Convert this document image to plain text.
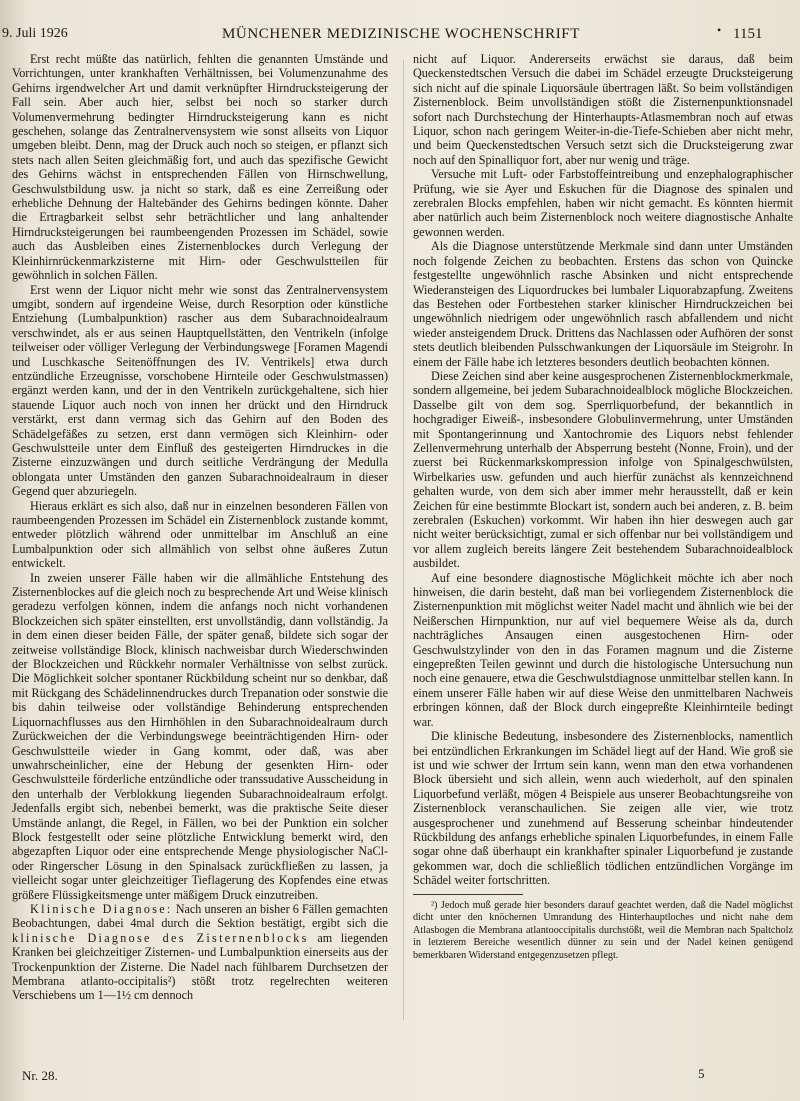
9. Juli 1926	MÜNCHENER MEDIZINISCHE WOCHENSCHRIFT	• 1151

Erst recht müßte das natürlich, fehlten die genannten Umstände und Vorrichtungen, unter krankhaften Verhältnissen, bei Volumenzunahme des Gehirns irgendwelcher Art und damit verknüpfter Hirndrucksteigerung der Fall sein. Aber auch hier, selbst bei noch so starker durch Volumenvermehrung bedingter Hirndrucksteigerung kann es nicht geschehen, solange das Zentralnervensystem wie sonst allseits von Liquor umgeben bleibt. Denn, mag der Druck auch noch so steigen, er pflanzt sich stets nach allen Seiten gleichmäßig fort, und auch das spezifische Gewicht des Gehirns wächst in entsprechenden Fällen von Hirnschwellung, Geschwulstbildung usw. ja nicht so stark, daß es eine Zerreißung oder erhebliche Dehnung der Haltebänder des Gehirns bedingen könnte. Daher die Ertragbarkeit selbst sehr beträchtlicher und lang anhaltender Hirndrucksteigerungen bei raumbeengenden Prozessen im Schädel, sowie auch das Ausbleiben eines Zisternenblockes durch Verlegung der Kleinhirnrückenmarkzisterne mit Hirn- oder Geschwulstteilen für gewöhnlich in solchen Fällen.

Erst wenn der Liquor nicht mehr wie sonst das Zentralnervensystem umgibt, sondern auf irgendeine Weise, durch Resorption oder künstliche Entziehung (Lumbalpunktion) rascher aus dem Subarachnoidealraum verschwindet, als er aus seinen Hauptquellstätten, den Ventrikeln (infolge teilweiser oder völliger Verlegung der Verbindungswege [Foramen Magendi und Luschkasche Seitenöffnungen des IV. Ventrikels] etwa durch entzündliche Erzeugnisse, vorschobene Hirnteile oder Geschwulstmassen) ergänzt werden kann, und der in den Ventrikeln zurückgehaltene, sich hier stauende Liquor auch noch von innen her drückt und den Hirndruck verstärkt, erst dann vermag sich das Gehirn auf den Boden des Schädelgefäßes zu setzen, erst dann vermögen sich Kleinhirn- oder Geschwulstteile unter dem Einfluß des gesteigerten Hirndruckes in die Zisterne einzuzwängen und durch seitliche Verdrängung der Medulla oblongata unter Umständen den ganzen Subarachnoidealraum in dieser Gegend quer abzuriegeln.

Hieraus erklärt es sich also, daß nur in einzelnen besonderen Fällen von raumbeengenden Prozessen im Schädel ein Zisternenblock zustande kommt, entweder plötzlich während oder unmittelbar im Anschluß an eine Lumbalpunktion oder sich allmählich von selbst ohne äußeres Zutun entwickelt.

In zweien unserer Fälle haben wir die allmähliche Entstehung des Zisternenblockes auf die gleich noch zu besprechende Art und Weise klinisch geradezu verfolgen können, indem die anfangs noch nicht vorhandenen Blockzeichen sich später einstellten, erst unvollständig, dann vollständig. Ja in dem einen dieser beiden Fälle, der später genaß, bildete sich sogar der zeitweise vollständige Block, klinisch nachweisbar durch Wiederschwinden der Blockzeichen und Rückkehr normaler Verhältnisse von selbst zurück. Die Möglichkeit solcher spontaner Rückbildung scheint nur so denkbar, daß mit Rückgang des Schädelinnendruckes durch Trepanation oder sonstwie die bis dahin teilweise oder vollständige Behinderung entsprechenden Liquornachflusses aus den Hirnhöhlen in den Subarachnoidealraum durch Zurückweichen der die Verbindungswege beeinträchtigenden Hirn- oder Geschwulstteile wieder in Gang kommt, oder daß, was aber unwahrscheinlicher, eine der Hebung der gesenkten Hirn- oder Geschwulstteile förderliche entzündliche oder transsudative Ausscheidung in den unterhalb der Verblokkung liegenden Subarachnoidealraum erfolgt. Jedenfalls ergibt sich, nebenbei bemerkt, was die praktische Seite dieser Umstände anlangt, die Regel, in Fällen, wo bei der Punktion ein solcher Block festgestellt oder seine plötzliche Entwicklung bemerkt wird, den abgezapften Liquor oder eine entsprechende Menge physiologischer NaCl- oder Ringerscher Lösung in den Spinalsack zurückfließen zu lassen, ja vielleicht sogar unter gleichzeitiger Tieflagerung des Kopfendes eine etwas größere Flüssigkeitsmenge unter mäßigem Druck einzutreiben.

Klinische Diagnose: Nach unseren an bisher 6 Fällen gemachten Beobachtungen, dabei 4mal durch die Sektion bestätigt, ergibt sich die klinische Diagnose des Zisternenblocks am liegenden Kranken bei gleichzeitiger Zisternen- und Lumbalpunktion einerseits aus der Trockenpunktion der Zisterne. Die Nadel nach fühlbarem Durchsetzen der Membrana atlanto-occipitalis²) stößt trotz regelrechten weiteren Verschiebens um 1—1½ cm dennoch

nicht auf Liquor. Andererseits erwächst sie daraus, daß beim Queckenstedtschen Versuch die dabei im Schädel erzeugte Drucksteigerung sich nicht auf die spinale Liquorsäule übertragen läßt. So beim vollständigen Zisternenblock. Beim unvollständigen stößt die Zisternenpunktionsnadel sofort nach Durchstechung der Hinterhaupts-Atlasmembran noch auf etwas Liquor, schon nach geringem Weiter-in-die-Tiefe-Schieben aber nicht mehr, und beim Queckenstedtschen Versuch setzt sich die Drucksteigerung zwar noch auf den Spinalliquor fort, aber nur wenig und träge.

Versuche mit Luft- oder Farbstoffeintreibung und enzephalographischer Prüfung, wie sie Ayer und Eskuchen für die Diagnose des spinalen und zerebralen Blocks empfehlen, haben wir nicht gemacht. Es könnten hiermit aber natürlich auch beim Zisternenblock noch weitere diagnostische Anhalte gewonnen werden.

Als die Diagnose unterstützende Merkmale sind dann unter Umständen noch folgende Zeichen zu beobachten. Erstens das schon von Quincke festgestellte ungewöhnlich rasche Absinken und nicht entsprechende Wiederansteigen des Liquordruckes bei lumbaler Liquorabzapfung. Zweitens das Bestehen oder Fortbestehen starker klinischer Hirndruckzeichen bei ungewöhnlich niedrigem oder ungewöhnlich rasch abfallendem und nicht wieder ansteigendem Druck. Drittens das Nachlassen oder Aufhören der sonst stets deutlich bleibenden Pulsschwankungen der Liquorsäule im Steigrohr. In einem der Fälle habe ich letzteres besonders deutlich beobachten können.

Diese Zeichen sind aber keine ausgesprochenen Zisternenblockmerkmale, sondern allgemeine, bei jedem Subarachnoidealblock mögliche Blockzeichen. Dasselbe gilt von dem sog. Sperrliquorbefund, der bekanntlich in hochgradiger Eiweiß-, insbesondere Globulinvermehrung, unter Umständen mit Spontangerinnung und Xantochromie des Liquors nebst fehlender Zellenvermehrung unterhalb der Absperrung besteht (Nonne, Froin), und der zuerst bei Rückenmarkskompression infolge von Spinalgeschwülsten, Wirbelkaries usw. gefunden und auch hierfür zunächst als kennzeichnend gehalten wurde, von dem sich aber immer mehr herausstellt, daß er kein Zeichen für eine bestimmte Blockart ist, sondern auch bei anderen, z. B. beim zerebralen (Eskuchen) vorkommt. Wir haben ihn hier deswegen auch gar nicht weiter berücksichtigt, zumal er sich offenbar nur bei vollständigem und vor allem zugleich bereits längere Zeit bestehendem Subarachnoidealblock ausbildet.

Auf eine besondere diagnostische Möglichkeit möchte ich aber noch hinweisen, die darin besteht, daß man bei vorliegendem Zisternenblock die Zisternenpunktion mit möglichst weiter Nadel macht und ähnlich wie bei der Neißerschen Hirnpunktion, nur auf viel bequemere Weise als da, durch nachträgliches Ansaugen einen ausgestochenen Hirn- oder Geschwulstzylinder von den in das Foramen magnum und die Zisterne eingepreßten Teilen gewinnt und durch die histologische Untersuchung nun noch eine genauere, etwa die Geschwulstdiagnose unmittelbar stellen kann. In einem unserer Fälle haben wir auf diese Weise den unmittelbaren Nachweis erbringen können, daß der Block durch eingepreßte Kleinhirnteile bedingt war.

Die klinische Bedeutung, insbesondere des Zisternenblocks, namentlich bei entzündlichen Erkrankungen im Schädel liegt auf der Hand. Wie groß sie ist und wie schwer der Irrtum sein kann, wenn man den etwa vorhandenen Block übersieht und sich allein, wenn auch wiederholt, auf den spinalen Liquorbefund verläßt, mögen 4 Beispiele aus unserer Beobachtungsreihe von Zisternenblock veranschaulichen. Sie zeigen alle vier, wie trotz ausgesprochener und zunehmend auf Besserung scheinbar hindeutender Rückbildung des anfangs erhebliche spinalen Liquorbefundes, in einem Falle sogar ohne daß überhaupt ein krankhafter spinaler Liquorbefund je zustande gekommen war, doch die schließlich tödlichen entzündlichen Vorgänge im Schädel weiter fortschritten.

²) Jedoch muß gerade hier besonders darauf geachtet werden, daß die Nadel möglichst dicht unter den knöchernen Umrandung des Hinterhauptloches und nicht nahe dem Atlasbogen die Membrana atlantooccipitalis durchstößt, weil die Membran nach Spaltcholz in letzterem Bereiche wesentlich dünner zu sein und der Nadel keinen genügend bemerkbaren Widerstand entgegenzusetzen pflegt.

Nr. 28.	5
